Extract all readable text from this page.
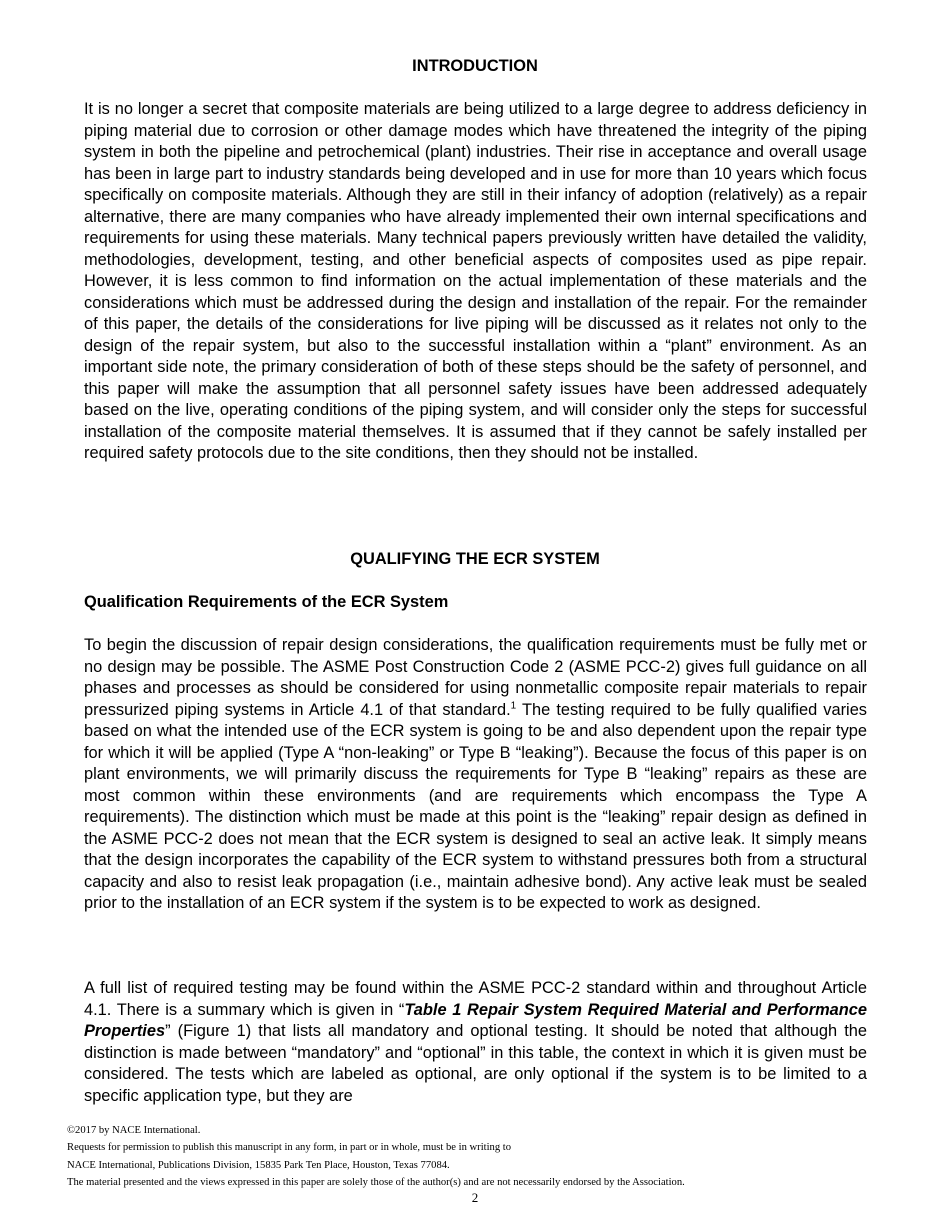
INTRODUCTION

It is no longer a secret that composite materials are being utilized to a large degree to address deficiency in piping material due to corrosion or other damage modes which have threatened the integrity of the piping system in both the pipeline and petrochemical (plant) industries. Their rise in acceptance and overall usage has been in large part to industry standards being developed and in use for more than 10 years which focus specifically on composite materials. Although they are still in their infancy of adoption (relatively) as a repair alternative, there are many companies who have already implemented their own internal specifications and requirements for using these materials. Many technical papers previously written have detailed the validity, methodologies, development, testing, and other beneficial aspects of composites used as pipe repair. However, it is less common to find information on the actual implementation of these materials and the considerations which must be addressed during the design and installation of the repair. For the remainder of this paper, the details of the considerations for live piping will be discussed as it relates not only to the design of the repair system, but also to the successful installation within a “plant” environment. As an important side note, the primary consideration of both of these steps should be the safety of personnel, and this paper will make the assumption that all personnel safety issues have been addressed adequately based on the live, operating conditions of the piping system, and will consider only the steps for successful installation of the composite material themselves. It is assumed that if they cannot be safely installed per required safety protocols due to the site conditions, then they should not be installed.

QUALIFYING THE ECR SYSTEM
Qualification Requirements of the ECR System

To begin the discussion of repair design considerations, the qualification requirements must be fully met or no design may be possible. The ASME Post Construction Code 2 (ASME PCC-2) gives full guidance on all phases and processes as should be considered for using nonmetallic composite repair materials to repair pressurized piping systems in Article 4.1 of that standard.$^1$ The testing required to be fully qualified varies based on what the intended use of the ECR system is going to be and also dependent upon the repair type for which it will be applied (Type A “non-leaking” or Type B “leaking”). Because the focus of this paper is on plant environments, we will primarily discuss the requirements for Type B “leaking” repairs as these are most common within these environments (and are requirements which encompass the Type A requirements). The distinction which must be made at this point is the “leaking” repair design as defined in the ASME PCC-2 does not mean that the ECR system is designed to seal an active leak. It simply means that the design incorporates the capability of the ECR system to withstand pressures both from a structural capacity and also to resist leak propagation (i.e., maintain adhesive bond). Any active leak must be sealed prior to the installation of an ECR system if the system is to be expected to work as designed.

A full list of required testing may be found within the ASME PCC-2 standard within and throughout Article 4.1. There is a summary which is given in “Table 1 Repair System Required Material and Performance Properties” (Figure 1) that lists all mandatory and optional testing. It should be noted that although the distinction is made between “mandatory” and “optional” in this table, the context in which it is given must be considered. The tests which are labeled as optional, are only optional if the system is to be limited to a specific application type, but they are

©2017 by NACE International.
Requests for permission to publish this manuscript in any form, in part or in whole, must be in writing to
NACE International, Publications Division, 15835 Park Ten Place, Houston, Texas 77084.
The material presented and the views expressed in this paper are solely those of the author(s) and are not necessarily endorsed by the Association.
2
